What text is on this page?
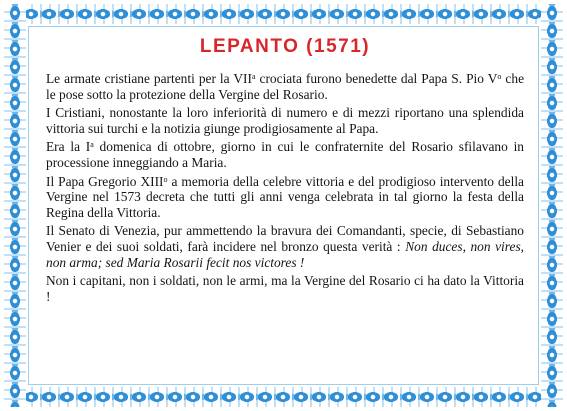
LEPANTO (1571)

Le armate cristiane partenti per la VII$^a$ crociata furono benedette dal Papa S. Pio $V^o$ che le pose sotto la protezione della Vergine del Rosario.

I Cristiani, nonostante la loro inferiorità di numero e di mezzi riportano una splendida vittoria sui turchi e la notizia giunge prodigiosamente al Papa.

Era la $I^a$ domenica di ottobre, giorno in cui le confraternite del Rosario sfilavano in processione inneggiando a Maria.

Il Papa Gregorio XIII$^o$ a memoria della celebre vittoria e del prodigioso intervento della Vergine nel 1573 decreta che tutti gli anni venga celebrata in tal giorno la festa della Regina della Vittoria.

Il Senato di Venezia, pur ammettendo la bravura dei Comandanti, specie, di Sebastiano Venier e dei suoi soldati, farà incidere nel bronzo questa verità : Non duces, non vires, non arma; sed Maria Rosarii fecit nos victores !

Non i capitani, non i soldati, non le armi, ma la Vergine del Rosario ci ha dato la Vittoria !
